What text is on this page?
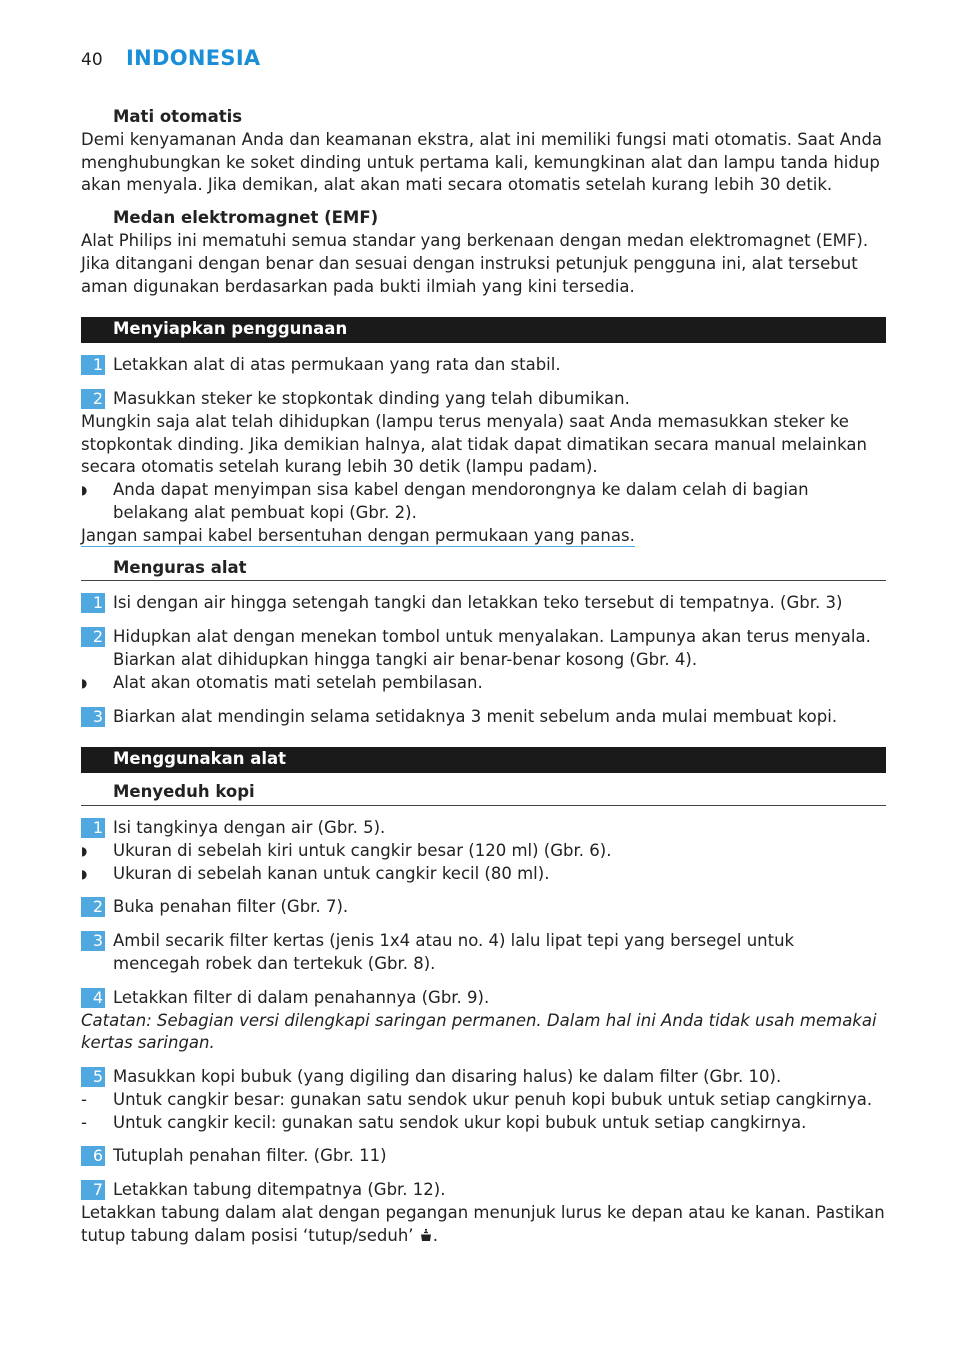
40 INDONESIA

Mati otomatis

Demi kenyamanan Anda dan keamanan ekstra, alat ini memiliki fungsi mati otomatis. Saat Anda menghubungkan ke soket dinding untuk pertama kali, kemungkinan alat dan lampu tanda hidup akan menyala. Jika demikan, alat akan mati secara otomatis setelah kurang lebih 30 detik.

Medan elektromagnet (EMF)

Alat Philips ini mematuhi semua standar yang berkenaan dengan medan elektromagnet (EMF). Jika ditangani dengan benar dan sesuai dengan instruksi petunjuk pengguna ini, alat tersebut aman digunakan berdasarkan pada bukti ilmiah yang kini tersedia.

Menyiapkan penggunaan
1 Letakkan alat di atas permukaan yang rata dan stabil.
2 Masukkan steker ke stopkontak dinding yang telah dibumikan.

Mungkin saja alat telah dihidupkan (lampu terus menyala) saat Anda memasukkan steker ke stopkontak dinding. Jika demikian halnya, alat tidak dapat dimatikan secara manual melainkan secara otomatis setelah kurang lebih 30 detik (lampu padam).

◗	Anda dapat menyimpan sisa kabel dengan mendorongnya ke dalam celah di bagian belakang alat pembuat kopi (Gbr. 2).

Jangan sampai kabel bersentuhan dengan permukaan yang panas.

Menguras alat

1 Isi dengan air hingga setengah tangki dan letakkan teko tersebut di tempatnya. (Gbr. 3)
2 Hidupkan alat dengan menekan tombol untuk menyalakan. Lampunya akan terus menyala. Biarkan alat dihidupkan hingga tangki air benar-benar kosong (Gbr. 4).
◗	Alat akan otomatis mati setelah pembilasan.
3 Biarkan alat mendingin selama setidaknya 3 menit sebelum anda mulai membuat kopi.
Menggunakan alat

Menyeduh kopi

1 Isi tangkinya dengan air (Gbr. 5).
◗	Ukuran di sebelah kiri untuk cangkir besar (120 ml) (Gbr. 6).
◗	Ukuran di sebelah kanan untuk cangkir kecil (80 ml).
2 Buka penahan filter (Gbr. 7).
3 Ambil secarik filter kertas (jenis 1x4 atau no. 4) lalu lipat tepi yang bersegel untuk mencegah robek dan tertekuk (Gbr. 8).
4 Letakkan filter di dalam penahannya (Gbr. 9).

Catatan: Sebagian versi dilengkapi saringan permanen. Dalam hal ini Anda tidak usah memakai kertas saringan.

5 Masukkan kopi bubuk (yang digiling dan disaring halus) ke dalam filter (Gbr. 10).
-	Untuk cangkir besar: gunakan satu sendok ukur penuh kopi bubuk untuk setiap cangkirnya.
-	Untuk cangkir kecil: gunakan satu sendok ukur kopi bubuk untuk setiap cangkirnya.
6 Tutuplah penahan filter. (Gbr. 11)
7 Letakkan tabung ditempatnya (Gbr. 12).

Letakkan tabung dalam alat dengan pegangan menunjuk lurus ke depan atau ke kanan. Pastikan tutup tabung dalam posisi ‘tutup/seduh’ .
